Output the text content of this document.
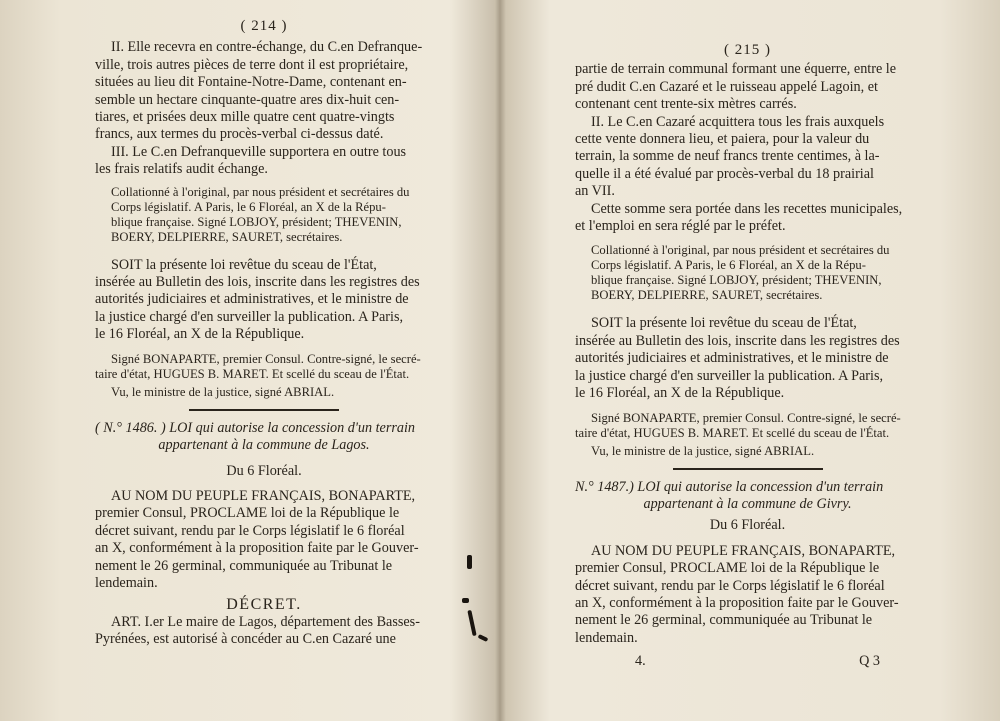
( 214 )

II. Elle recevra en contre-échange, du C.en Defranque-

ville, trois autres pièces de terre dont il est propriétaire,

situées au lieu dit Fontaine-Notre-Dame, contenant en-

semble un hectare cinquante-quatre ares dix-huit cen-

tiares, et prisées deux mille quatre cent quatre-vingts

francs, aux termes du procès-verbal ci-dessus daté.

III. Le C.en Defranqueville supportera en outre tous

les frais relatifs audit échange.

Collationné à l'original, par nous président et secrétaires du

Corps législatif. A Paris, le 6 Floréal, an X de la Répu-

blique française. Signé LOBJOY, président; THEVENIN,

BOERY, DELPIERRE, SAURET, secrétaires.

SOIT la présente loi revêtue du sceau de l'État,

insérée au Bulletin des lois, inscrite dans les registres des

autorités judiciaires et administratives, et le ministre de

la justice chargé d'en surveiller la publication. A Paris,

le 16 Floréal, an X de la République.

Signé BONAPARTE, premier Consul. Contre-signé, le secré-

taire d'état, HUGUES B. MARET. Et scellé du sceau de l'État.

Vu, le ministre de la justice, signé ABRIAL.

( N.° 1486. ) LOI qui autorise la concession d'un terrain

appartenant à la commune de Lagos.

Du 6 Floréal.

AU NOM DU PEUPLE FRANÇAIS, BONAPARTE,

premier Consul, PROCLAME loi de la République le

décret suivant, rendu par le Corps législatif le 6 floréal

an X, conformément à la proposition faite par le Gouver-

nement le 26 germinal, communiquée au Tribunat le

lendemain.

DÉCRET.

ART. I.er Le maire de Lagos, département des Basses-

Pyrénées, est autorisé à concéder au C.en Cazaré une

( 215 )

partie de terrain communal formant une équerre, entre le

pré dudit C.en Cazaré et le ruisseau appelé Lagoin, et

contenant cent trente-six mètres carrés.

II. Le C.en Cazaré acquittera tous les frais auxquels

cette vente donnera lieu, et paiera, pour la valeur du

terrain, la somme de neuf francs trente centimes, à la-

quelle il a été évalué par procès-verbal du 18 prairial

an VII.

Cette somme sera portée dans les recettes municipales,

et l'emploi en sera réglé par le préfet.

Collationné à l'original, par nous président et secrétaires du

Corps législatif. A Paris, le 6 Floréal, an X de la Répu-

blique française. Signé LOBJOY, président; THEVENIN,

BOERY, DELPIERRE, SAURET, secrétaires.

SOIT la présente loi revêtue du sceau de l'État,

insérée au Bulletin des lois, inscrite dans les registres des

autorités judiciaires et administratives, et le ministre de

la justice chargé d'en surveiller la publication. A Paris,

le 16 Floréal, an X de la République.

Signé BONAPARTE, premier Consul. Contre-signé, le secré-

taire d'état, HUGUES B. MARET. Et scellé du sceau de l'État.

Vu, le ministre de la justice, signé ABRIAL.

N.° 1487.) LOI qui autorise la concession d'un terrain

appartenant à la commune de Givry.

Du 6 Floréal.

AU NOM DU PEUPLE FRANÇAIS, BONAPARTE,

premier Consul, PROCLAME loi de la République le

décret suivant, rendu par le Corps législatif le 6 floréal

an X, conformément à la proposition faite par le Gouver-

nement le 26 germinal, communiquée au Tribunat le

lendemain.

4.	Q 3
